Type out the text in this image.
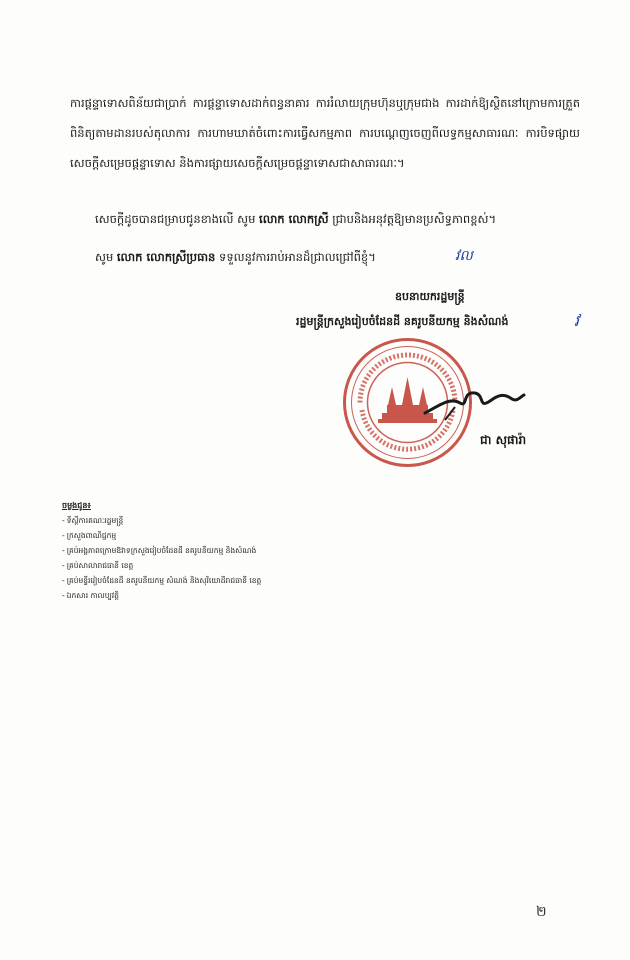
ការផ្តន្ទាទោសពិន័យជាប្រាក់ ការផ្តន្ទាទោសដាក់ពន្ធនាគារ ការរំលាយក្រុមហ៊ុនឬក្រុមជាង ការដាក់ឱ្យស្ថិតនៅក្រោមការត្រួតពិនិត្យតាមដានរបស់តុលាការ ការហាមឃាត់ចំពោះការធ្វើសកម្មភាព ការបណ្តេញចេញពីលទ្ធកម្មសាធារណៈ ការបិទផ្សាយសេចក្តីសម្រេចផ្តន្ទាទោស និងការផ្សាយសេចក្តីសម្រេចផ្តន្ទាទោសជាសាធារណៈ។
សេចក្តីដូចបានជម្រាបជូនខាងលើ សូម លោក លោកស្រី ជ្រាបនិងអនុវត្តឱ្យមានប្រសិទ្ធភាពខ្ពស់។
សូម លោក លោកស្រីប្រធាន ទទួលនូវការរាប់អានដ៏ជ្រាលជ្រៅពីខ្ញុំ។	វល
ឧបនាយករដ្ឋមន្ត្រី
រដ្ឋមន្ត្រីក្រសួងរៀបចំដែនដី នគរូបនីយកម្ម និងសំណង់	វ
ជា សុផារ៉ា
ចម្លងជូន៖
- ទីស្តីការគណៈរដ្ឋមន្ត្រី
- ក្រសួងពាណិជ្ជកម្ម
- គ្រប់អង្គភាពក្រោមឱវាទក្រសួងរៀបចំដែនដី នគរូបនីយកម្ម និងសំណង់
- គ្រប់សាលារាជធានី ខេត្ត
- គ្រប់មន្ទីររៀបចំដែនដី នគរូបនីយកម្ម សំណង់ និងសុរិយោដីរាជធានី ខេត្ត
- ឯកសារ កាលប្បវត្តិ
២
